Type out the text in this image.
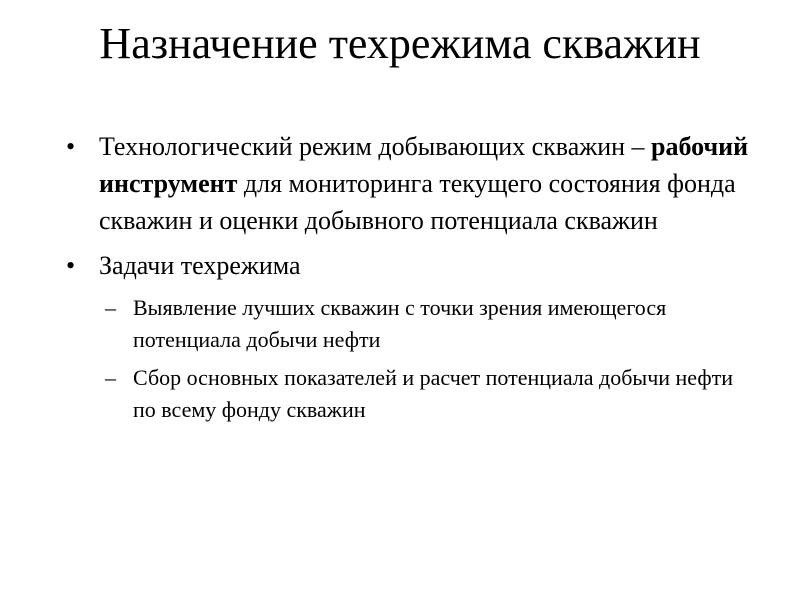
Назначение техрежима скважин
• Технологический режим добывающих скважин – рабочий инструмент для мониторинга текущего состояния фонда скважин и оценки добывного потенциала скважин
• Задачи техрежима
– Выявление лучших скважин с точки зрения имеющегося потенциала добычи нефти
– Сбор основных показателей и расчет потенциала добычи нефти по всему фонду скважин
